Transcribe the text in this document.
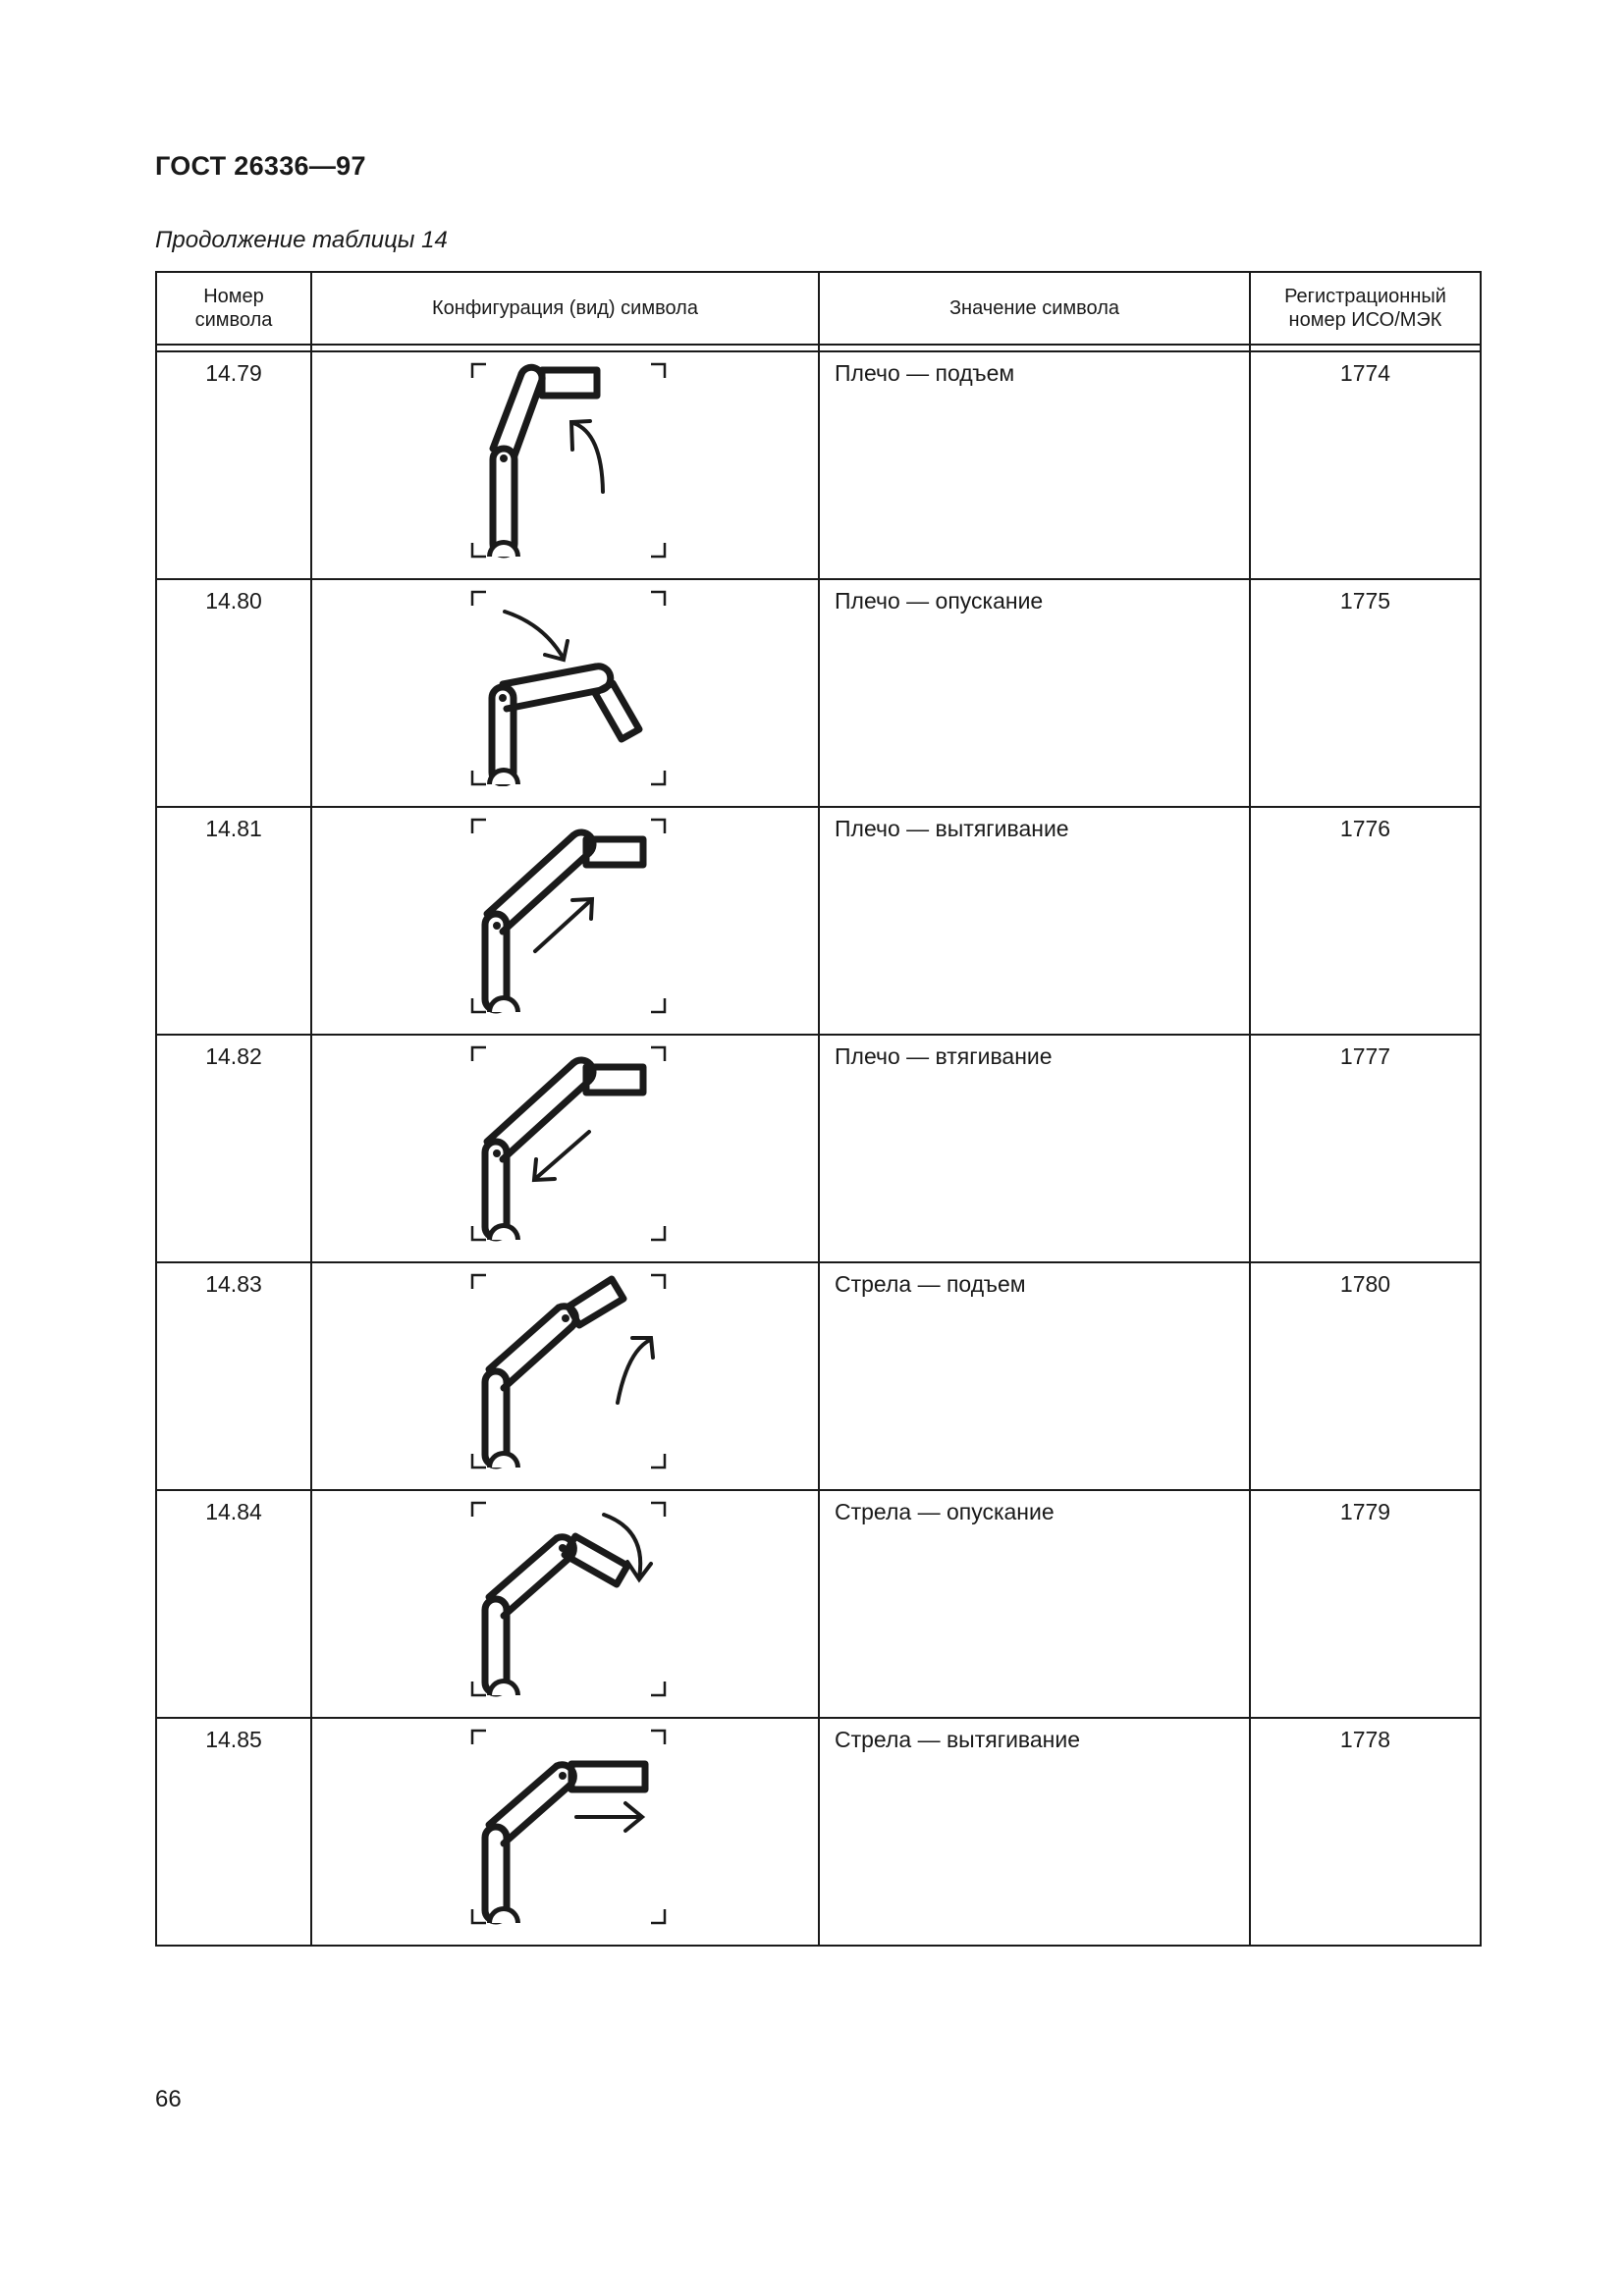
ГОСТ 26336—97
Продолжение таблицы 14
Номер символа	Конфигурация (вид) символа	Значение символа	Регистрационный номер ИСО/МЭК

14.79		Плечо — подъем	1774
14.80		Плечо — опускание	1775
14.81		Плечо — вытягивание	1776
14.82		Плечо — втягивание	1777
14.83		Стрела — подъем	1780
14.84		Стрела — опускание	1779
14.85		Стрела — вытягивание	1778
66
